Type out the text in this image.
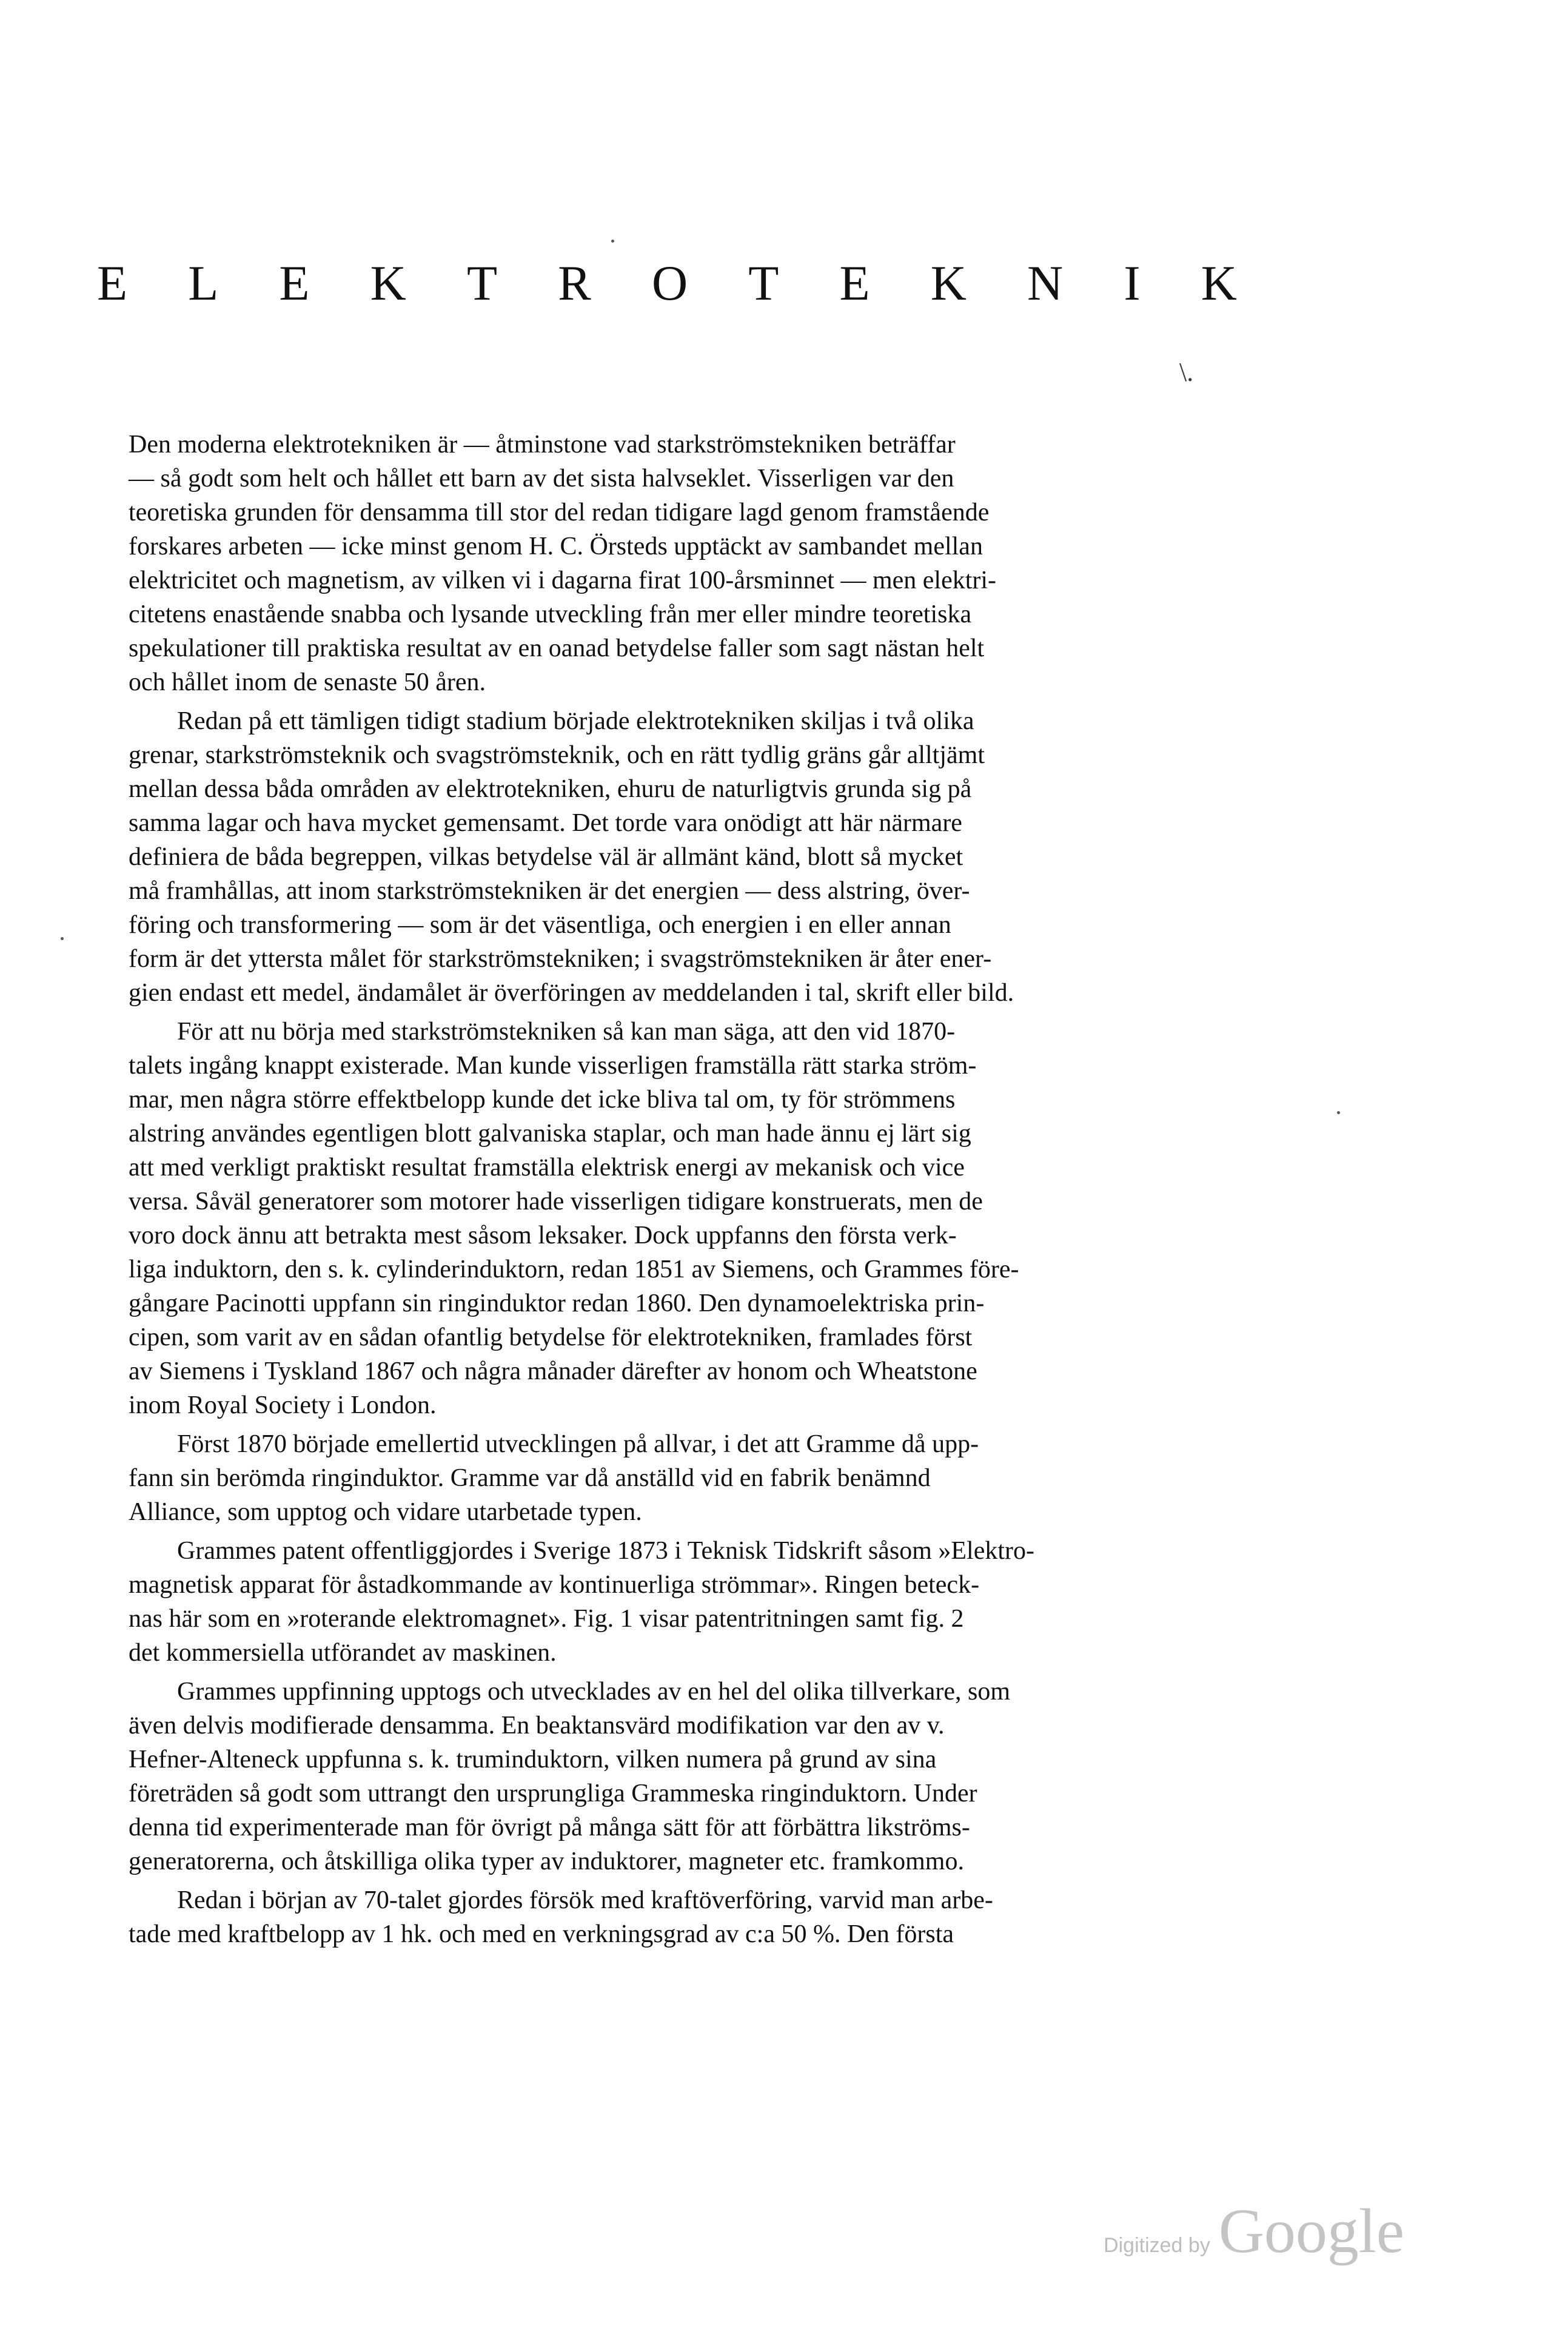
E L E K T R O T E K N I K
\.
Den moderna elektrotekniken är — åtminstone vad starkströmstekniken beträffar
— så godt som helt och hållet ett barn av det sista halvseklet. Visserligen var den
teoretiska grunden för densamma till stor del redan tidigare lagd genom framstående
forskares arbeten — icke minst genom H. C. Örsteds upptäckt av sambandet mellan
elektricitet och magnetism, av vilken vi i dagarna firat 100-årsminnet — men elektri-
citetens enastående snabba och lysande utveckling från mer eller mindre teoretiska
spekulationer till praktiska resultat av en oanad betydelse faller som sagt nästan helt
och hållet inom de senaste 50 åren.
Redan på ett tämligen tidigt stadium började elektrotekniken skiljas i två olika
grenar, starkströmsteknik och svagströmsteknik, och en rätt tydlig gräns går alltjämt
mellan dessa båda områden av elektrotekniken, ehuru de naturligtvis grunda sig på
samma lagar och hava mycket gemensamt. Det torde vara onödigt att här närmare
definiera de båda begreppen, vilkas betydelse väl är allmänt känd, blott så mycket
må framhållas, att inom starkströmstekniken är det energien — dess alstring, över-
föring och transformering — som är det väsentliga, och energien i en eller annan
form är det yttersta målet för starkströmstekniken; i svagströmstekniken är åter ener-
gien endast ett medel, ändamålet är överföringen av meddelanden i tal, skrift eller bild.
För att nu börja med starkströmstekniken så kan man säga, att den vid 1870-
talets ingång knappt existerade. Man kunde visserligen framställa rätt starka ström-
mar, men några större effektbelopp kunde det icke bliva tal om, ty för strömmens
alstring användes egentligen blott galvaniska staplar, och man hade ännu ej lärt sig
att med verkligt praktiskt resultat framställa elektrisk energi av mekanisk och vice
versa. Såväl generatorer som motorer hade visserligen tidigare konstruerats, men de
voro dock ännu att betrakta mest såsom leksaker. Dock uppfanns den första verk-
liga induktorn, den s. k. cylinderinduktorn, redan 1851 av Siemens, och Grammes före-
gångare Pacinotti uppfann sin ringinduktor redan 1860. Den dynamoelektriska prin-
cipen, som varit av en sådan ofantlig betydelse för elektrotekniken, framlades först
av Siemens i Tyskland 1867 och några månader därefter av honom och Wheatstone
inom Royal Society i London.
Först 1870 började emellertid utvecklingen på allvar, i det att Gramme då upp-
fann sin berömda ringinduktor. Gramme var då anställd vid en fabrik benämnd
Alliance, som upptog och vidare utarbetade typen.
Grammes patent offentliggjordes i Sverige 1873 i Teknisk Tidskrift såsom »Elektro-
magnetisk apparat för åstadkommande av kontinuerliga strömmar». Ringen beteck-
nas här som en »roterande elektromagnet». Fig. 1 visar patentritningen samt fig. 2
det kommersiella utförandet av maskinen.
Grammes uppfinning upptogs och utvecklades av en hel del olika tillverkare, som
även delvis modifierade densamma. En beaktansvärd modifikation var den av v.
Hefner-Alteneck uppfunna s. k. truminduktorn, vilken numera på grund av sina
företräden så godt som uttrangt den ursprungliga Grammeska ringinduktorn. Under
denna tid experimenterade man för övrigt på många sätt för att förbättra likströms-
generatorerna, och åtskilliga olika typer av induktorer, magneter etc. framkommo.
Redan i början av 70-talet gjordes försök med kraftöverföring, varvid man arbe-
tade med kraftbelopp av 1 hk. och med en verkningsgrad av c:a 50 %. Den första
Digitized by Google
